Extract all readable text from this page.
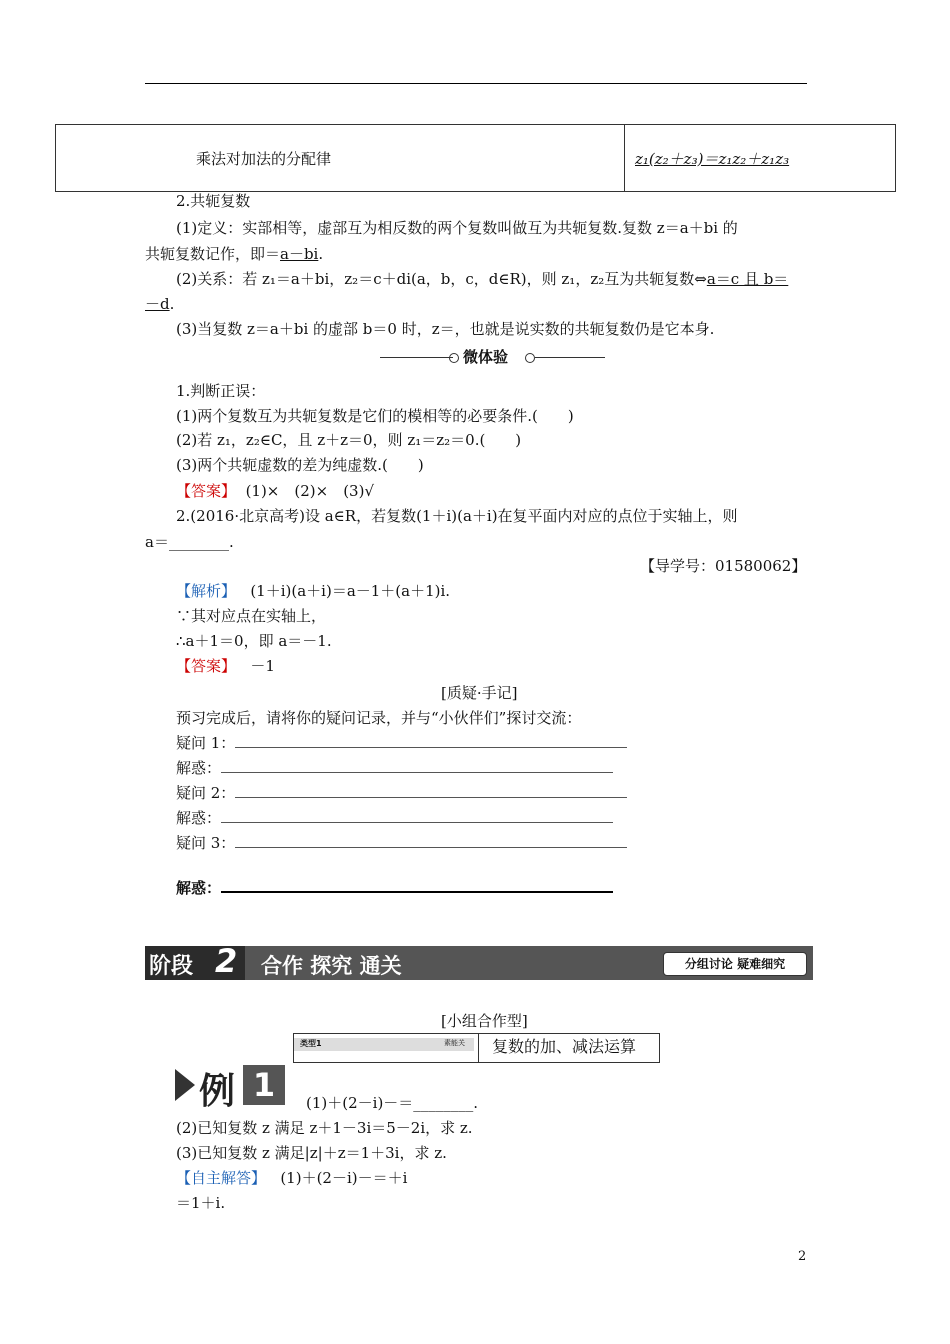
乘法对加法的分配律	z₁(z₂＋z₃)＝z₁z₂＋z₁z₃
2.共轭复数
(1)定义：实部相等，虚部互为相反数的两个复数叫做互为共轭复数.复数 z＝a＋bi 的
共轭复数记作，即＝a－bi.
(2)关系：若 z₁＝a＋bi，z₂＝c＋di(a，b，c，d∈R)，则 z₁，z₂互为共轭复数⇔a＝c 且 b＝
－d.
(3)当复数 z＝a＋bi 的虚部 b＝0 时，z＝，也就是说实数的共轭复数仍是它本身.
微体验
1.判断正误：
(1)两个复数互为共轭复数是它们的模相等的必要条件.(　　)
(2)若 z₁，z₂∈C，且 z＋z＝0，则 z₁＝z₂＝0.(　　)
(3)两个共轭虚数的差为纯虚数.(　　)
【答案】 (1)×　(2)×　(3)√
2.(2016·北京高考)设 a∈R，若复数(1＋i)(a＋i)在复平面内对应的点位于实轴上，则
a＝________.
【导学号：01580062】
【解析】 (1＋i)(a＋i)＝a－1＋(a＋1)i.
∵其对应点在实轴上，
∴a＋1＝0，即 a＝－1.
【答案】 －1
[质疑·手记]
预习完成后，请将你的疑问记录，并与“小伙伴们”探讨交流：
疑问 1：
解惑：
疑问 2：
解惑：
疑问 3：
解惑：
阶段 2 合作 探究 通关	分组讨论 疑难细究
[小组合作型]
类型1	素能关 复数的加、减法运算
例 1	(1)＋(2－i)－＝________.
(2)已知复数 z 满足 z＋1－3i＝5－2i，求 z.
(3)已知复数 z 满足|z|＋z＝1＋3i，求 z.
【自主解答】 (1)＋(2－i)－＝＋i
＝1＋i.
2
